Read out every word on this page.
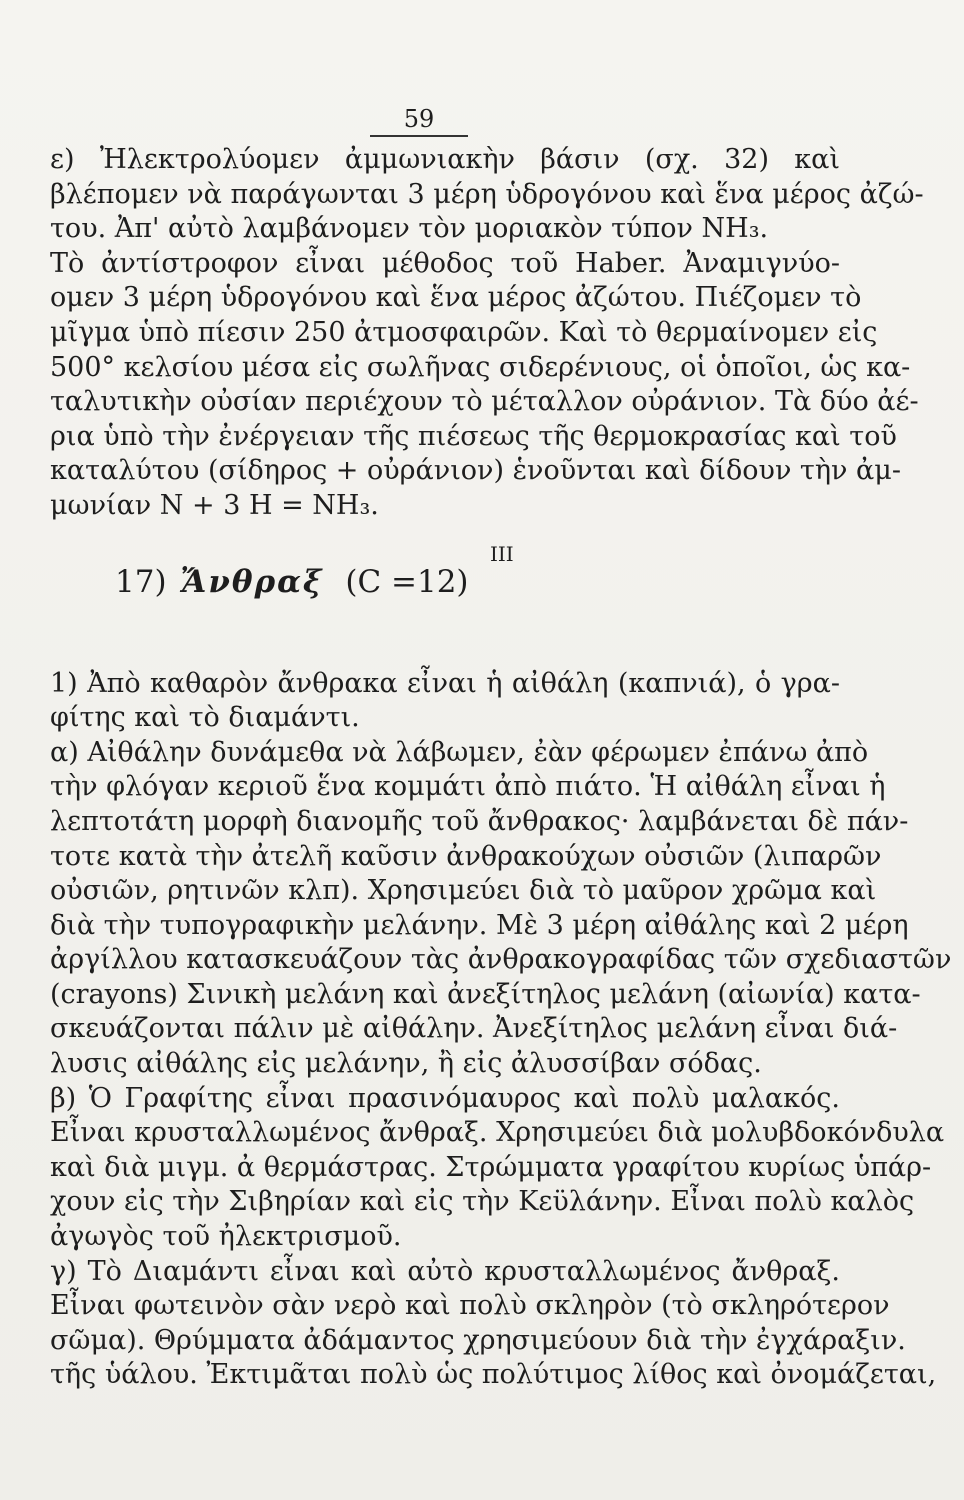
59
ε) Ἠλεκτρολύομεν ἀμμωνιακὴν βάσιν (σχ. 32) καὶ
βλέπομεν νὰ παράγωνται 3 μέρη ὑδρογόνου καὶ ἕνα μέρος ἀζώ-
του. Ἀπ' αὐτὸ λαμβάνομεν τὸν μοριακὸν τύπον ΝΗ₃.
Τὸ ἀντίστροφον εἶναι μέθοδος τοῦ Haber. Ἀναμιγνύο-
ομεν 3 μέρη ὑδρογόνου καὶ ἕνα μέρος ἀζώτου. Πιέζομεν τὸ
μῖγμα ὑπὸ πίεσιν 250 ἀτμοσφαιρῶν. Καὶ τὸ θερμαίνομεν εἰς
500° κελσίου μέσα εἰς σωλῆνας σιδερένιους, οἱ ὁποῖοι, ὡς κα-
ταλυτικὴν οὐσίαν περιέχουν τὸ μέταλλον οὐράνιον. Τὰ δύο ἀέ-
ρια ὑπὸ τὴν ἐνέργειαν τῆς πιέσεως τῆς θερμοκρασίας καὶ τοῦ
καταλύτου (σίδηρος + οὐράνιον) ἑνοῦνται καὶ δίδουν τὴν ἀμ-
μωνίαν Ν + 3 Η = ΝΗ₃.
III
17) Ἄνθραξ (C =12)
1) Ἀπὸ καθαρὸν ἄνθρακα εἶναι ἡ αἰθάλη (καπνιά), ὁ γρα-
φίτης καὶ τὸ διαμάντι.
α) Αἰθάλην δυνάμεθα νὰ λάβωμεν, ἐὰν φέρωμεν ἐπάνω ἀπὸ
τὴν φλόγαν κεριοῦ ἕνα κομμάτι ἀπὸ πιάτο. Ἡ αἰθάλη εἶναι ἡ
λεπτοτάτη μορφὴ διανομῆς τοῦ ἄνθρακος· λαμβάνεται δὲ πάν-
τοτε κατὰ τὴν ἀτελῆ καῦσιν ἀνθρακούχων οὐσιῶν (λιπαρῶν
οὐσιῶν, ρητινῶν κλπ). Χρησιμεύει διὰ τὸ μαῦρον χρῶμα καὶ
διὰ τὴν τυπογραφικὴν μελάνην. Μὲ 3 μέρη αἰθάλης καὶ 2 μέρη
ἀργίλλου κατασκευάζουν τὰς ἀνθρακογραφίδας τῶν σχεδιαστῶν
(crayons) Σινικὴ μελάνη καὶ ἀνεξίτηλος μελάνη (αἰωνία) κατα-
σκευάζονται πάλιν μὲ αἰθάλην. Ἀνεξίτηλος μελάνη εἶναι διά-
λυσις αἰθάλης εἰς μελάνην, ἢ εἰς ἀλυσσίβαν σόδας.
β) Ὁ Γραφίτης εἶναι πρασινόμαυρος καὶ πολὺ μαλακός.
Εἶναι κρυσταλλωμένος ἄνθραξ. Χρησιμεύει διὰ μολυβδοκόνδυλα
καὶ διὰ μιγμ. ἀ θερμάστρας. Στρώμματα γραφίτου κυρίως ὑπάρ-
χουν εἰς τὴν Σιβηρίαν καὶ εἰς τὴν Κεϋλάνην. Εἶναι πολὺ καλὸς
ἀγωγὸς τοῦ ἠλεκτρισμοῦ.
γ) Τὸ Διαμάντι εἶναι καὶ αὐτὸ κρυσταλλωμένος ἄνθραξ.
Εἶναι φωτεινὸν σὰν νερὸ καὶ πολὺ σκληρὸν (τὸ σκληρότερον
σῶμα). Θρύμματα ἀδάμαντος χρησιμεύουν διὰ τὴν ἐγχάραξιν.
τῆς ὑάλου. Ἐκτιμᾶται πολὺ ὡς πολύτιμος λίθος καὶ ὀνομάζεται,
